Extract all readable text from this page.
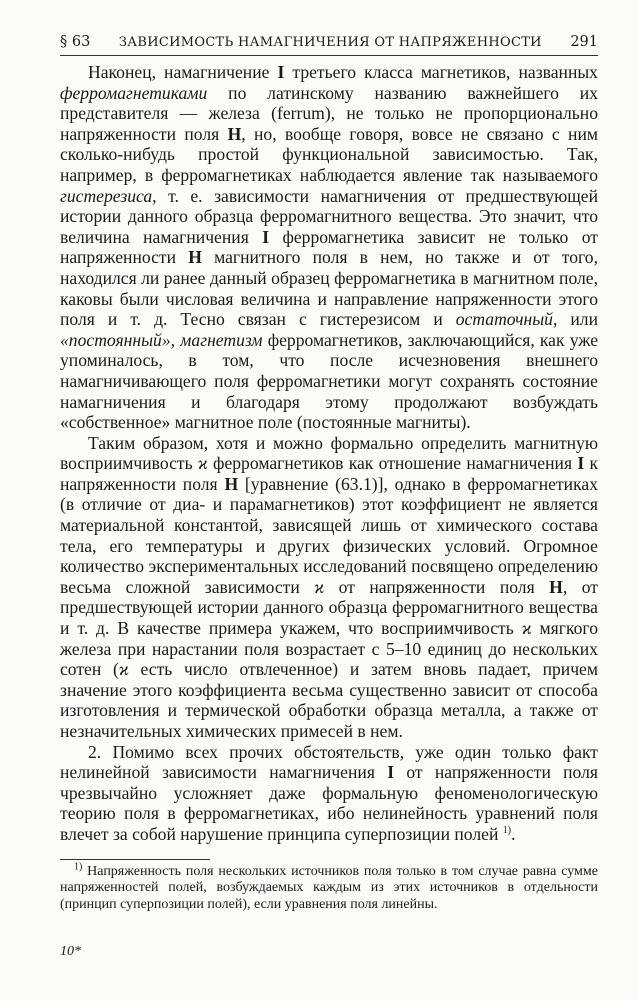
§ 63 ЗАВИСИМОСТЬ НАМАГНИЧЕНИЯ ОТ НАПРЯЖЕННОСТИ 291

Наконец, намагничение I третьего класса магнетиков, названных ферромагнетиками по латинскому названию важнейшего их представителя — железа (ferrum), не только не пропорционально напряженности поля H, но, вообще говоря, вовсе не связано с ним сколько-нибудь простой функциональной зависимостью. Так, например, в ферромагнетиках наблюдается явление так называемого гистерезиса, т. е. зависимости намагничения от предшествующей истории данного образца ферромагнитного вещества. Это значит, что величина намагничения I ферромагнетика зависит не только от напряженности H магнитного поля в нем, но также и от того, находился ли ранее данный образец ферромагнетика в магнитном поле, каковы были числовая величина и направление напряженности этого поля и т. д. Тесно связан с гистерезисом и остаточный, или «постоянный», магнетизм ферромагнетиков, заключающийся, как уже упоминалось, в том, что после исчезновения внешнего намагничивающего поля ферромагнетики могут сохранять состояние намагничения и благодаря этому продолжают возбуждать «собственное» магнитное поле (постоянные магниты).

Таким образом, хотя и можно формально определить магнитную восприимчивость ϰ ферромагнетиков как отношение намагничения I к напряженности поля H [уравнение (63.1)], однако в ферромагнетиках (в отличие от диа- и парамагнетиков) этот коэффициент не является материальной константой, зависящей лишь от химического состава тела, его температуры и других физических условий. Огромное количество экспериментальных исследований посвящено определению весьма сложной зависимости ϰ от напряженности поля H, от предшествующей истории данного образца ферромагнитного вещества и т. д. В качестве примера укажем, что восприимчивость ϰ мягкого железа при нарастании поля возрастает с 5–10 единиц до нескольких сотен (ϰ есть число отвлеченное) и затем вновь падает, причем значение этого коэффициента весьма существенно зависит от способа изготовления и термической обработки образца металла, а также от незначительных химических примесей в нем.

2. Помимо всех прочих обстоятельств, уже один только факт нелинейной зависимости намагничения I от напряженности поля чрезвычайно усложняет даже формальную феноменологическую теорию поля в ферромагнетиках, ибо нелинейность уравнений поля влечет за собой нарушение принципа суперпозиции полей $^{1)}$.

$^{1)}$ Напряженность поля нескольких источников поля только в том случае равна сумме напряженностей полей, возбуждаемых каждым из этих источников в отдельности (принцип суперпозиции полей), если уравнения поля линейны.
10*
